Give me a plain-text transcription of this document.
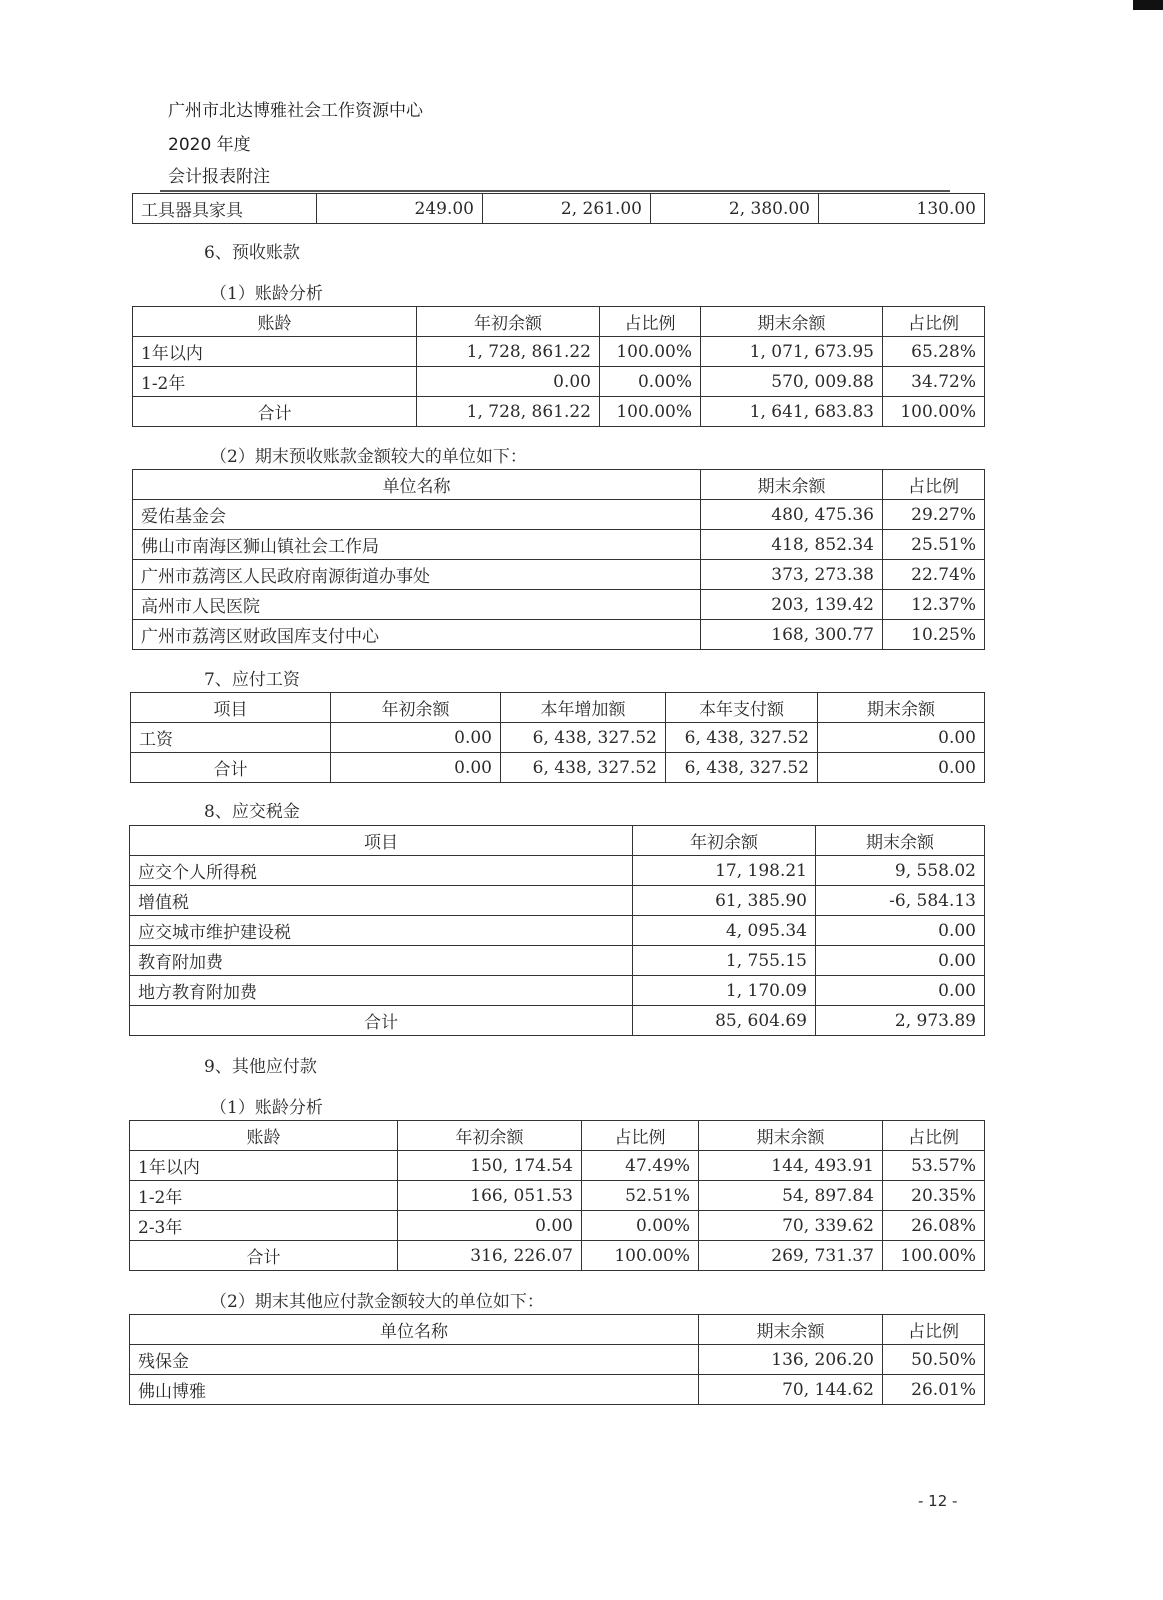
广州市北达博雅社会工作资源中心
2020 年度
会计报表附注
工具器具家具	249.00	2, 261.00	2, 380.00	130.00
6、预收账款
（1）账龄分析
账龄	年初余额	占比例	期末余额	占比例
1年以内	1, 728, 861.22	100.00%	1, 071, 673.95	65.28%
1-2年	0.00	0.00%	570, 009.88	34.72%
合计	1, 728, 861.22	100.00%	1, 641, 683.83	100.00%
（2）期末预收账款金额较大的单位如下：
单位名称	期末余额	占比例
爱佑基金会	480, 475.36	29.27%
佛山市南海区狮山镇社会工作局	418, 852.34	25.51%
广州市荔湾区人民政府南源街道办事处	373, 273.38	22.74%
高州市人民医院	203, 139.42	12.37%
广州市荔湾区财政国库支付中心	168, 300.77	10.25%
7、应付工资
项目	年初余额	本年增加额	本年支付额	期末余额
工资	0.00	6, 438, 327.52	6, 438, 327.52	0.00
合计	0.00	6, 438, 327.52	6, 438, 327.52	0.00
8、应交税金
项目	年初余额	期末余额
应交个人所得税	17, 198.21	9, 558.02
增值税	61, 385.90	-6, 584.13
应交城市维护建设税	4, 095.34	0.00
教育附加费	1, 755.15	0.00
地方教育附加费	1, 170.09	0.00
合计	85, 604.69	2, 973.89
9、其他应付款
（1）账龄分析
账龄	年初余额	占比例	期末余额	占比例
1年以内	150, 174.54	47.49%	144, 493.91	53.57%
1-2年	166, 051.53	52.51%	54, 897.84	20.35%
2-3年	0.00	0.00%	70, 339.62	26.08%
合计	316, 226.07	100.00%	269, 731.37	100.00%
（2）期末其他应付款金额较大的单位如下：
单位名称	期末余额	占比例
残保金	136, 206.20	50.50%
佛山博雅	70, 144.62	26.01%
- 12 -
